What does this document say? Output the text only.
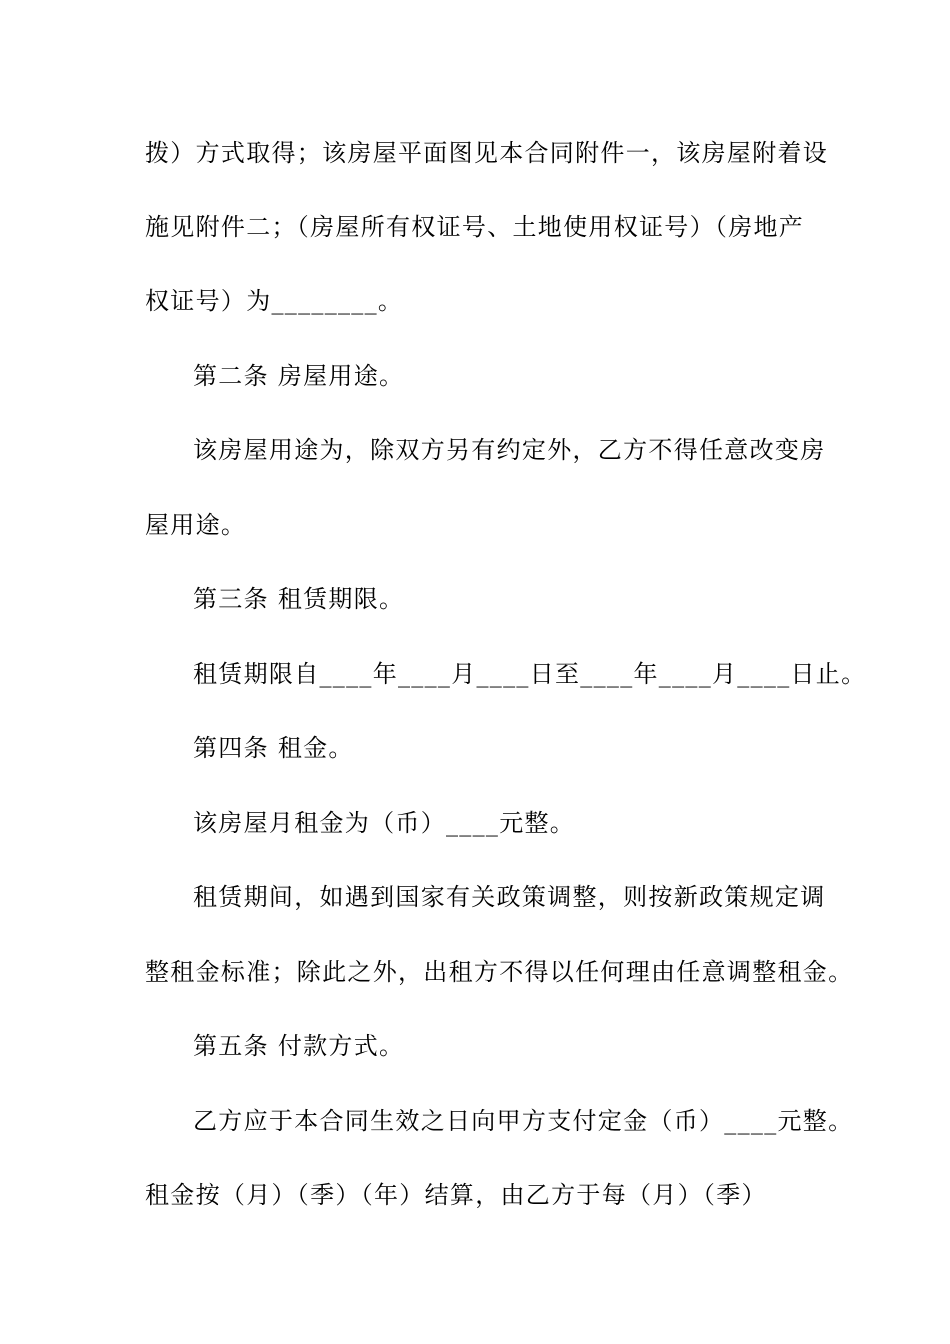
拨）方式取得；该房屋平面图见本合同附件一，该房屋附着设
施见附件二；（房屋所有权证号、土地使用权证号）（房地产
权证号）为________。
第二条 房屋用途。
该房屋用途为，除双方另有约定外，乙方不得任意改变房
屋用途。
第三条 租赁期限。
租赁期限自____年____月____日至____年____月____日止。
第四条 租金。
该房屋月租金为（币）____元整。
租赁期间，如遇到国家有关政策调整，则按新政策规定调
整租金标准；除此之外，出租方不得以任何理由任意调整租金。
第五条 付款方式。
乙方应于本合同生效之日向甲方支付定金（币）____元整。
租金按（月）（季）（年）结算，由乙方于每（月）（季）
